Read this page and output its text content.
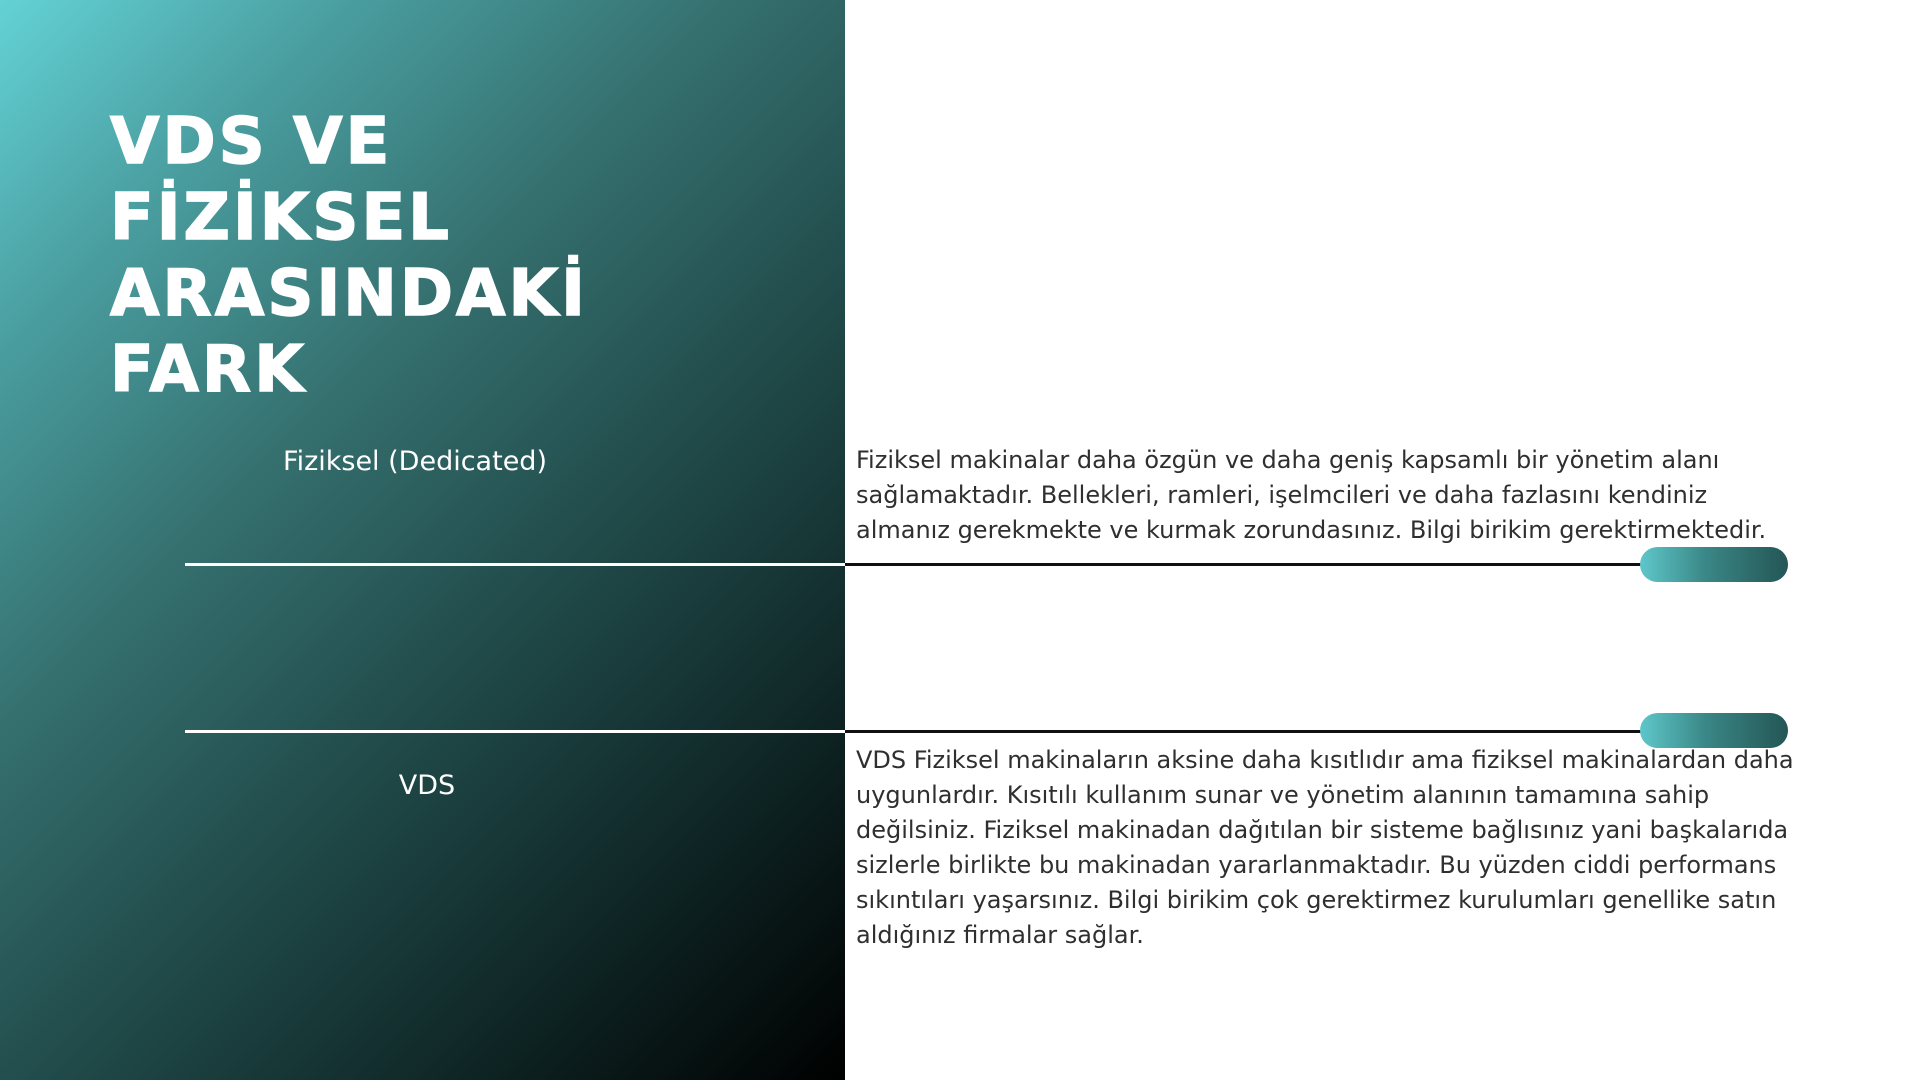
VDS VE
FİZİKSEL
ARASINDAKİ
FARK
Fiziksel (Dedicated)
VDS

Fiziksel makinalar daha özgün ve daha geniş kapsamlı bir yönetim alanı sağlamaktadır. Bellekleri, ramleri, işelmcileri ve daha fazlasını kendiniz almanız gerekmekte ve kurmak zorundasınız. Bilgi birikim gerektirmektedir.

VDS Fiziksel makinaların aksine daha kısıtlıdır ama fiziksel makinalardan daha uygunlardır. Kısıtılı kullanım sunar ve yönetim alanının tamamına sahip değilsiniz. Fiziksel makinadan dağıtılan bir sisteme bağlısınız yani başkalarıda sizlerle birlikte bu makinadan yararlanmaktadır. Bu yüzden ciddi performans sıkıntıları yaşarsınız. Bilgi birikim çok gerektirmez kurulumları genellike satın aldığınız firmalar sağlar.
